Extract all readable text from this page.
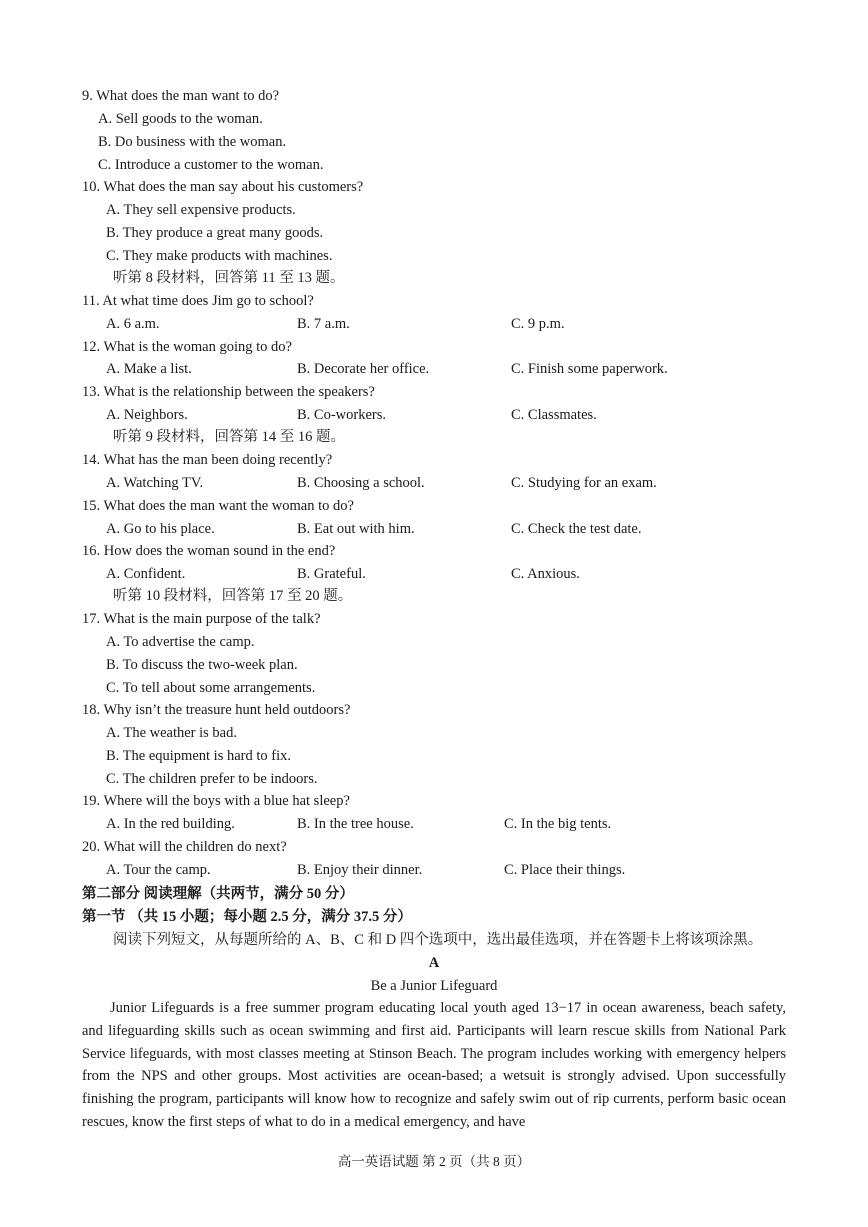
9. What does the man want to do?
A. Sell goods to the woman.
B. Do business with the woman.
C. Introduce a customer to the woman.
10. What does the man say about his customers?
A. They sell expensive products.
B. They produce a great many goods.
C. They make products with machines.
听第 8 段材料，回答第 11 至 13 题。
11. At what time does Jim go to school?
A. 6 a.m.	B. 7 a.m.	C. 9 p.m.
12. What is the woman going to do?
A. Make a list.	B. Decorate her office.	C. Finish some paperwork.
13. What is the relationship between the speakers?
A. Neighbors.	B. Co-workers.	C. Classmates.
听第 9 段材料，回答第 14 至 16 题。
14. What has the man been doing recently?
A. Watching TV.	B. Choosing a school.	C. Studying for an exam.
15. What does the man want the woman to do?
A. Go to his place.	B. Eat out with him.	C. Check the test date.
16. How does the woman sound in the end?
A. Confident.	B. Grateful.	C. Anxious.
听第 10 段材料，回答第 17 至 20 题。
17. What is the main purpose of the talk?
A. To advertise the camp.
B. To discuss the two-week plan.
C. To tell about some arrangements.
18. Why isn’t the treasure hunt held outdoors?
A. The weather is bad.
B. The equipment is hard to fix.
C. The children prefer to be indoors.
19. Where will the boys with a blue hat sleep?
A. In the red building.	B. In the tree house.	C. In the big tents.
20. What will the children do next?
A. Tour the camp.	B. Enjoy their dinner.	C. Place their things.
第二部分 阅读理解（共两节，满分 50 分）
第一节 （共 15 小题；每小题 2.5 分，满分 37.5 分）
阅读下列短文，从每题所给的 A、B、C 和 D 四个选项中，选出最佳选项，并在答题卡上将该项涂黑。
A
Be a Junior Lifeguard

Junior Lifeguards is a free summer program educating local youth aged 13−17 in ocean awareness, beach safety, and lifeguarding skills such as ocean swimming and first aid. Participants will learn rescue skills from National Park Service lifeguards, with most classes meeting at Stinson Beach. The program includes working with emergency helpers from the NPS and other groups. Most activities are ocean-based; a wetsuit is strongly advised. Upon successfully finishing the program, participants will know how to recognize and safely swim out of rip currents, perform basic ocean rescues, know the first steps of what to do in a medical emergency, and have

高一英语试题 第 2 页（共 8 页）
